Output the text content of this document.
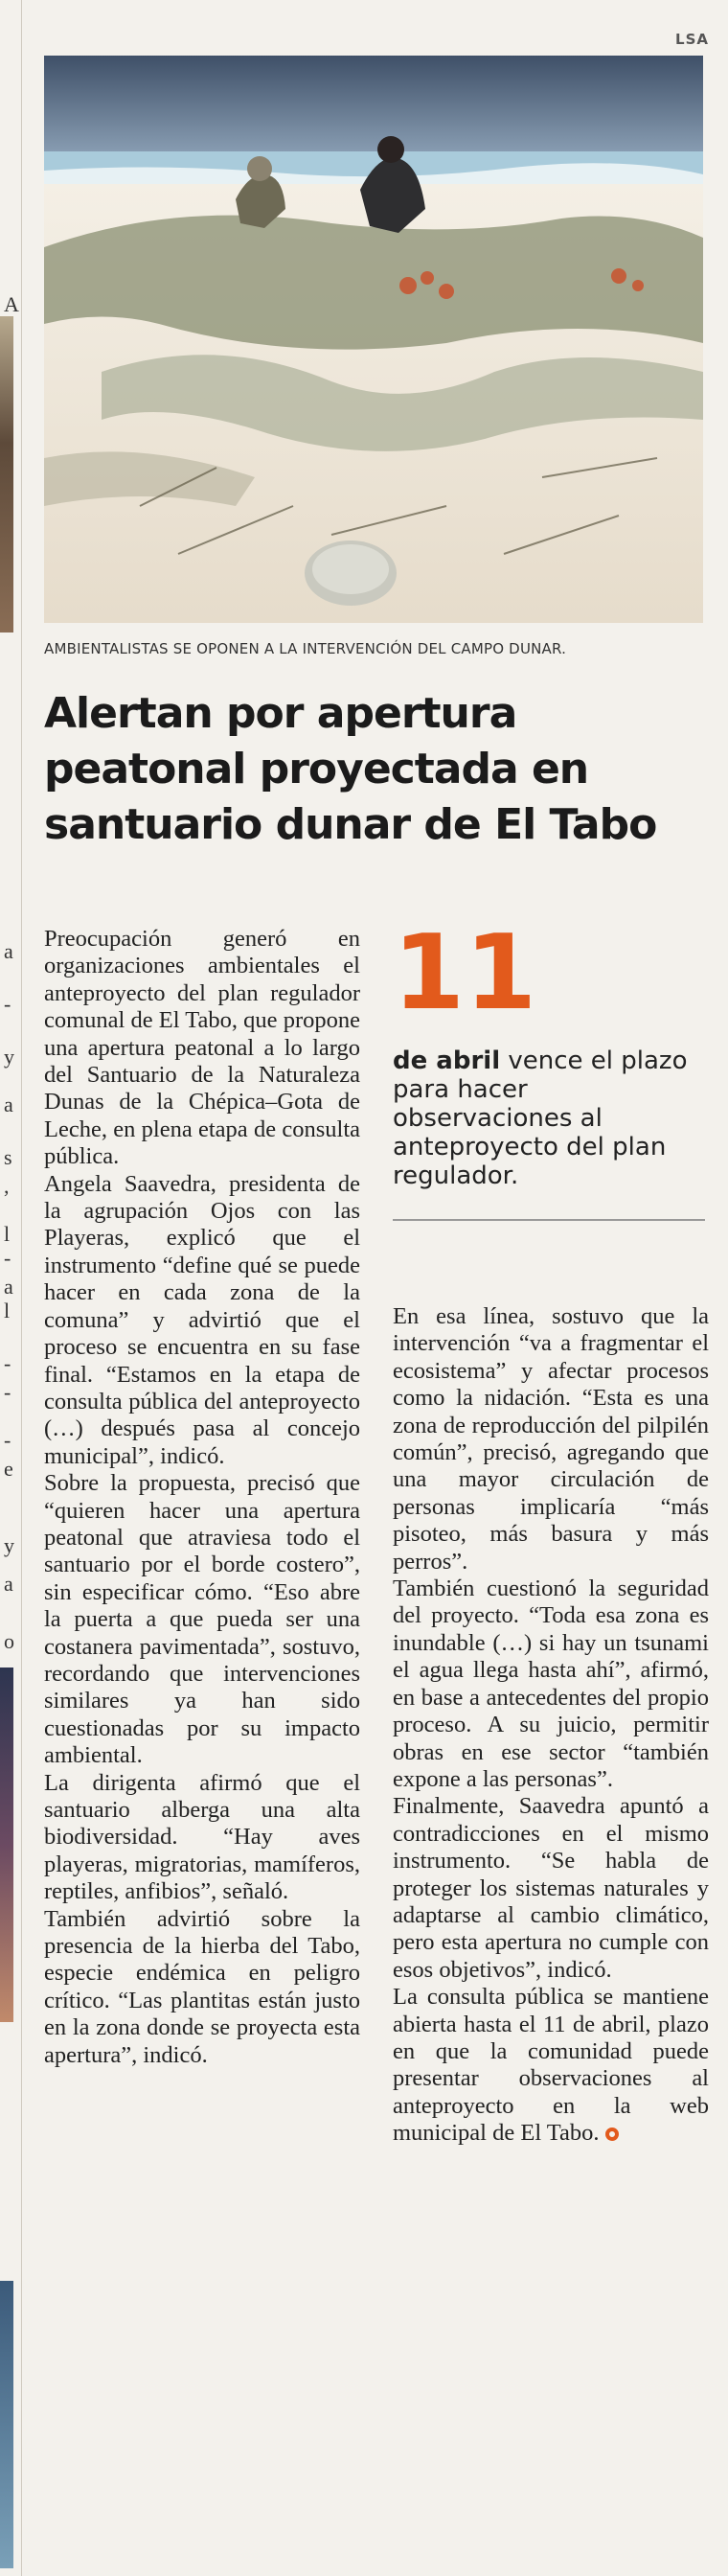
LSA
A
a
-
y
a
s
,
l
-
a
l
-
-
-
e
y
a
o
AMBIENTALISTAS SE OPONEN A LA INTERVENCIÓN DEL CAMPO DUNAR.
Alertan por apertura peatonal proyectada en santuario dunar de El Tabo

Preocupación generó en organizaciones ambientales el anteproyecto del plan regulador comunal de El Tabo, que propone una apertura peatonal a lo largo del Santuario de la Naturaleza Dunas de la Chépica–Gota de Leche, en plena etapa de consulta pública.

Angela Saavedra, presidenta de la agrupación Ojos con las Playeras, explicó que el instrumento “define qué se puede hacer en cada zona de la comuna” y advirtió que el proceso se encuentra en su fase final. “Estamos en la etapa de consulta pública del anteproyecto (…) después pasa al concejo municipal”, indicó.

Sobre la propuesta, precisó que “quieren hacer una apertura peatonal que atraviesa todo el santuario por el borde costero”, sin especificar cómo. “Eso abre la puerta a que pueda ser una costanera pavimentada”, sostuvo, recordando que intervenciones similares ya han sido cuestionadas por su impacto ambiental.

La dirigenta afirmó que el santuario alberga una alta biodiversidad. “Hay aves playeras, migratorias, mamíferos, reptiles, anfibios”, señaló.

También advirtió sobre la presencia de la hierba del Tabo, especie endémica en peligro crítico. “Las plantitas están justo en la zona donde se proyecta esta apertura”, indicó.

11
de abril vence el plazo para hacer observaciones al anteproyecto del plan regulador.

En esa línea, sostuvo que la intervención “va a fragmentar el ecosistema” y afectar procesos como la nidación. “Esta es una zona de reproducción del pilpilén común”, precisó, agregando que una mayor circulación de personas implicaría “más pisoteo, más basura y más perros”.

También cuestionó la seguridad del proyecto. “Toda esa zona es inundable (…) si hay un tsunami el agua llega hasta ahí”, afirmó, en base a antecedentes del propio proceso. A su juicio, permitir obras en ese sector “también expone a las personas”.

Finalmente, Saavedra apuntó a contradicciones en el mismo instrumento. “Se habla de proteger los sistemas naturales y adaptarse al cambio climático, pero esta apertura no cumple con esos objetivos”, indicó.

La consulta pública se mantiene abierta hasta el 11 de abril, plazo en que la comunidad puede presentar observaciones al anteproyecto en la web municipal de El Tabo.
